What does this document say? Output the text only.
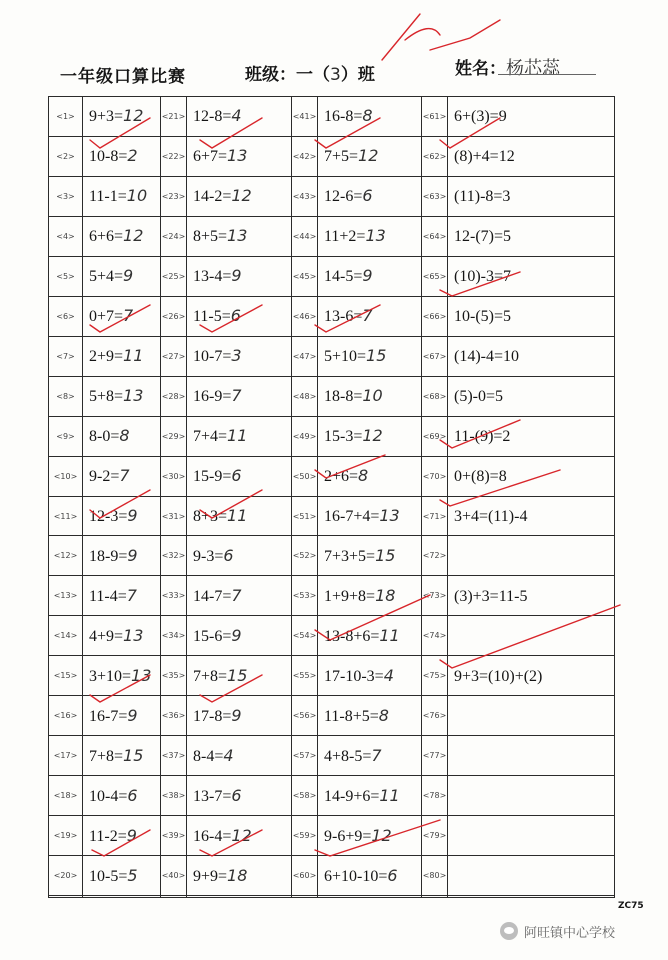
一年级口算比赛	班级：一（3）班	姓名：杨芯蕊
<1>	9+3=12	<21>	12-8=4	<41>	16-8=8	<61>	6+(3)=9
<2>	10-8=2	<22>	6+7=13	<42>	7+5=12	<62>	(8)+4=12
<3>	11-1=10	<23>	14-2=12	<43>	12-6=6	<63>	(11)-8=3
<4>	6+6=12	<24>	8+5=13	<44>	11+2=13	<64>	12-(7)=5
<5>	5+4=9	<25>	13-4=9	<45>	14-5=9	<65>	(10)-3=7
<6>	0+7=7	<26>	11-5=6	<46>	13-6=7	<66>	10-(5)=5
<7>	2+9=11	<27>	10-7=3	<47>	5+10=15	<67>	(14)-4=10
<8>	5+8=13	<28>	16-9=7	<48>	18-8=10	<68>	(5)-0=5
<9>	8-0=8	<29>	7+4=11	<49>	15-3=12	<69>	11-(9)=2
<10>	9-2=7	<30>	15-9=6	<50>	2+6=8	<70>	0+(8)=8
<11>	12-3=9	<31>	8+3=11	<51>	16-7+4=13	<71>	3+4=(11)-4
<12>	18-9=9	<32>	9-3=6	<52>	7+3+5=15	<72>	
<13>	11-4=7	<33>	14-7=7	<53>	1+9+8=18	<73>	(3)+3=11-5
<14>	4+9=13	<34>	15-6=9	<54>	13-8+6=11	<74>	
<15>	3+10=13	<35>	7+8=15	<55>	17-10-3=4	<75>	9+3=(10)+(2)
<16>	16-7=9	<36>	17-8=9	<56>	11-8+5=8	<76>	
<17>	7+8=15	<37>	8-4=4	<57>	4+8-5=7	<77>	
<18>	10-4=6	<38>	13-7=6	<58>	14-9+6=11	<78>	
<19>	11-2=9	<39>	16-4=12	<59>	9-6+9=12	<79>	
<20>	10-5=5	<40>	9+9=18	<60>	6+10-10=6	<80>	

ZC75
阿旺镇中心学校
